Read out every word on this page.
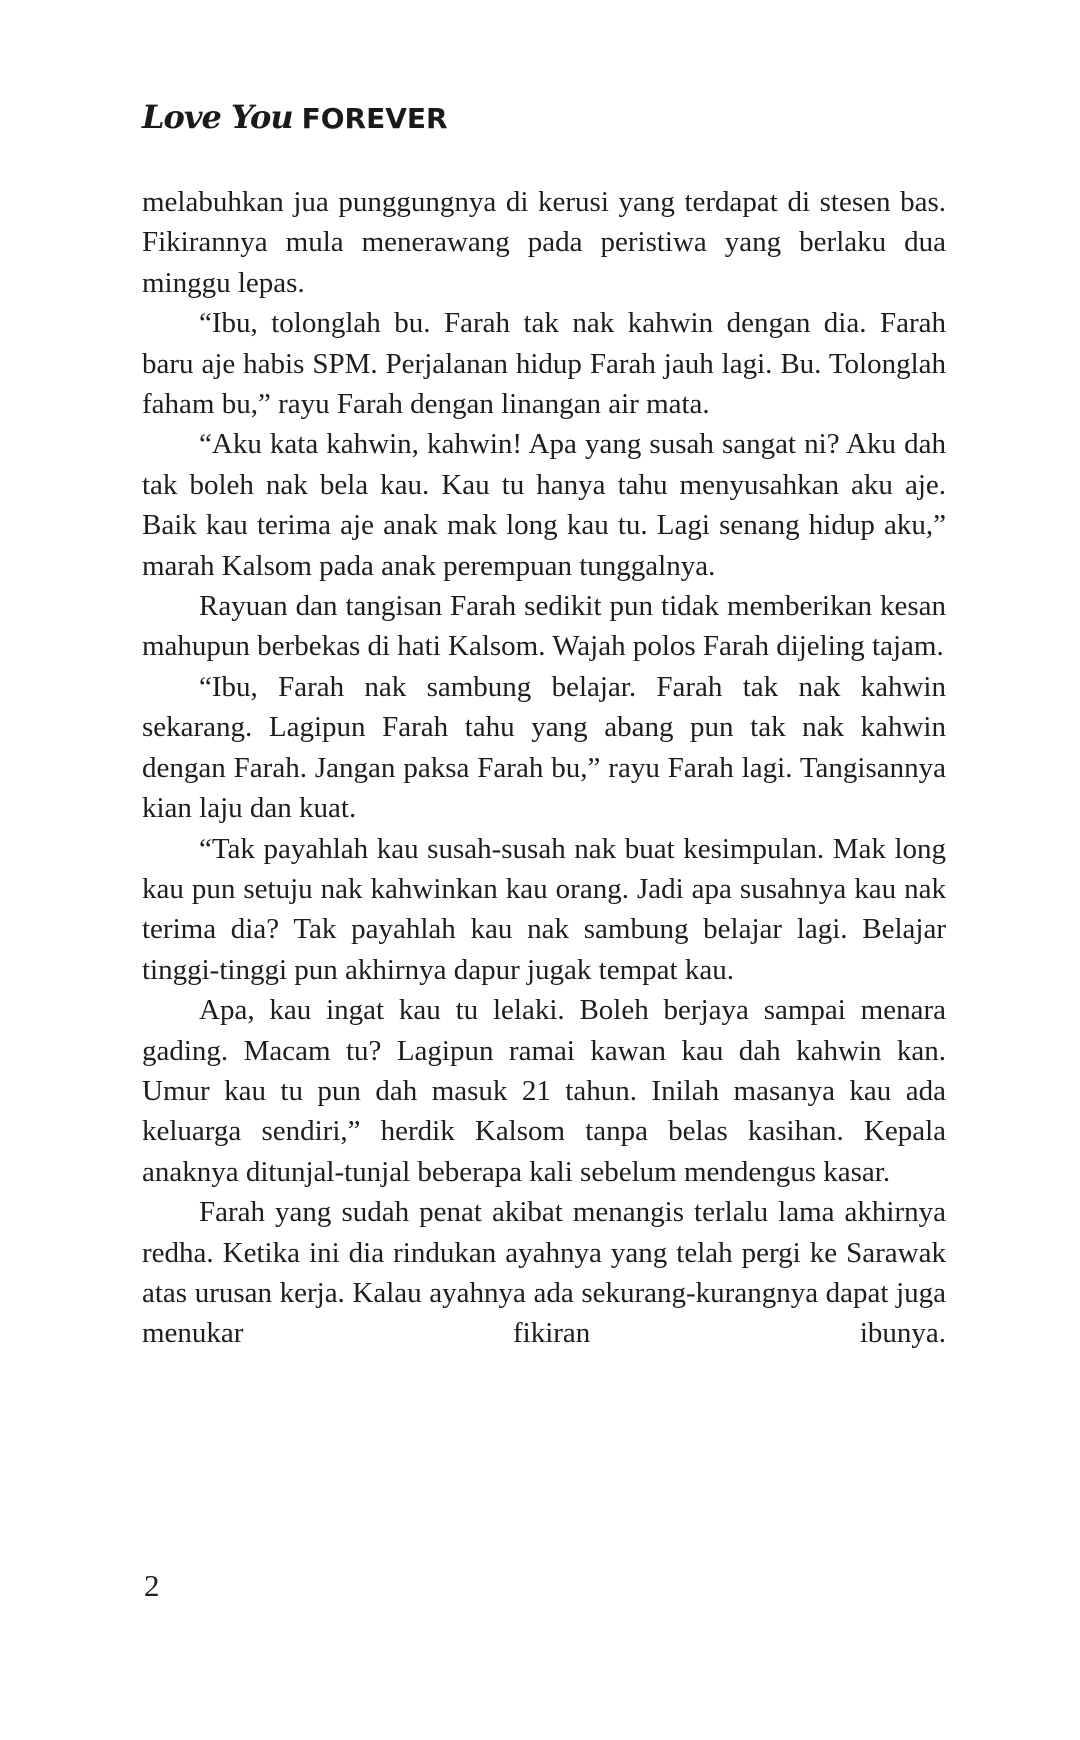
Love You FOREVER

melabuhkan jua punggungnya di kerusi yang terdapat di stesen bas. Fikirannya mula menerawang pada peristiwa yang berlaku dua minggu lepas.

“Ibu, tolonglah bu. Farah tak nak kahwin dengan dia. Farah baru aje habis SPM. Perjalanan hidup Farah jauh lagi. Bu. Tolonglah faham bu,” rayu Farah dengan linangan air mata.

“Aku kata kahwin, kahwin! Apa yang susah sangat ni? Aku dah tak boleh nak bela kau. Kau tu hanya tahu menyusahkan aku aje. Baik kau terima aje anak mak long kau tu. Lagi senang hidup aku,” marah Kalsom pada anak perempuan tunggalnya.

Rayuan dan tangisan Farah sedikit pun tidak memberikan kesan mahupun berbekas di hati Kalsom. Wajah polos Farah dijeling tajam.

“Ibu, Farah nak sambung belajar. Farah tak nak kahwin sekarang. Lagipun Farah tahu yang abang pun tak nak kahwin dengan Farah. Jangan paksa Farah bu,” rayu Farah lagi. Tangisannya kian laju dan kuat.

“Tak payahlah kau susah-susah nak buat kesimpulan. Mak long kau pun setuju nak kahwinkan kau orang. Jadi apa susahnya kau nak terima dia? Tak payahlah kau nak sambung belajar lagi. Belajar tinggi-tinggi pun akhirnya dapur jugak tempat kau.

Apa, kau ingat kau tu lelaki. Boleh berjaya sampai menara gading. Macam tu? Lagipun ramai kawan kau dah kahwin kan. Umur kau tu pun dah masuk 21 tahun. Inilah masanya kau ada keluarga sendiri,” herdik Kalsom tanpa belas kasihan. Kepala anaknya ditunjal-tunjal beberapa kali sebelum mendengus kasar.

Farah yang sudah penat akibat menangis terlalu lama akhirnya redha. Ketika ini dia rindukan ayahnya yang telah pergi ke Sarawak atas urusan kerja. Kalau ayahnya ada sekurang-kurangnya dapat juga menukar fikiran ibunya.

2
